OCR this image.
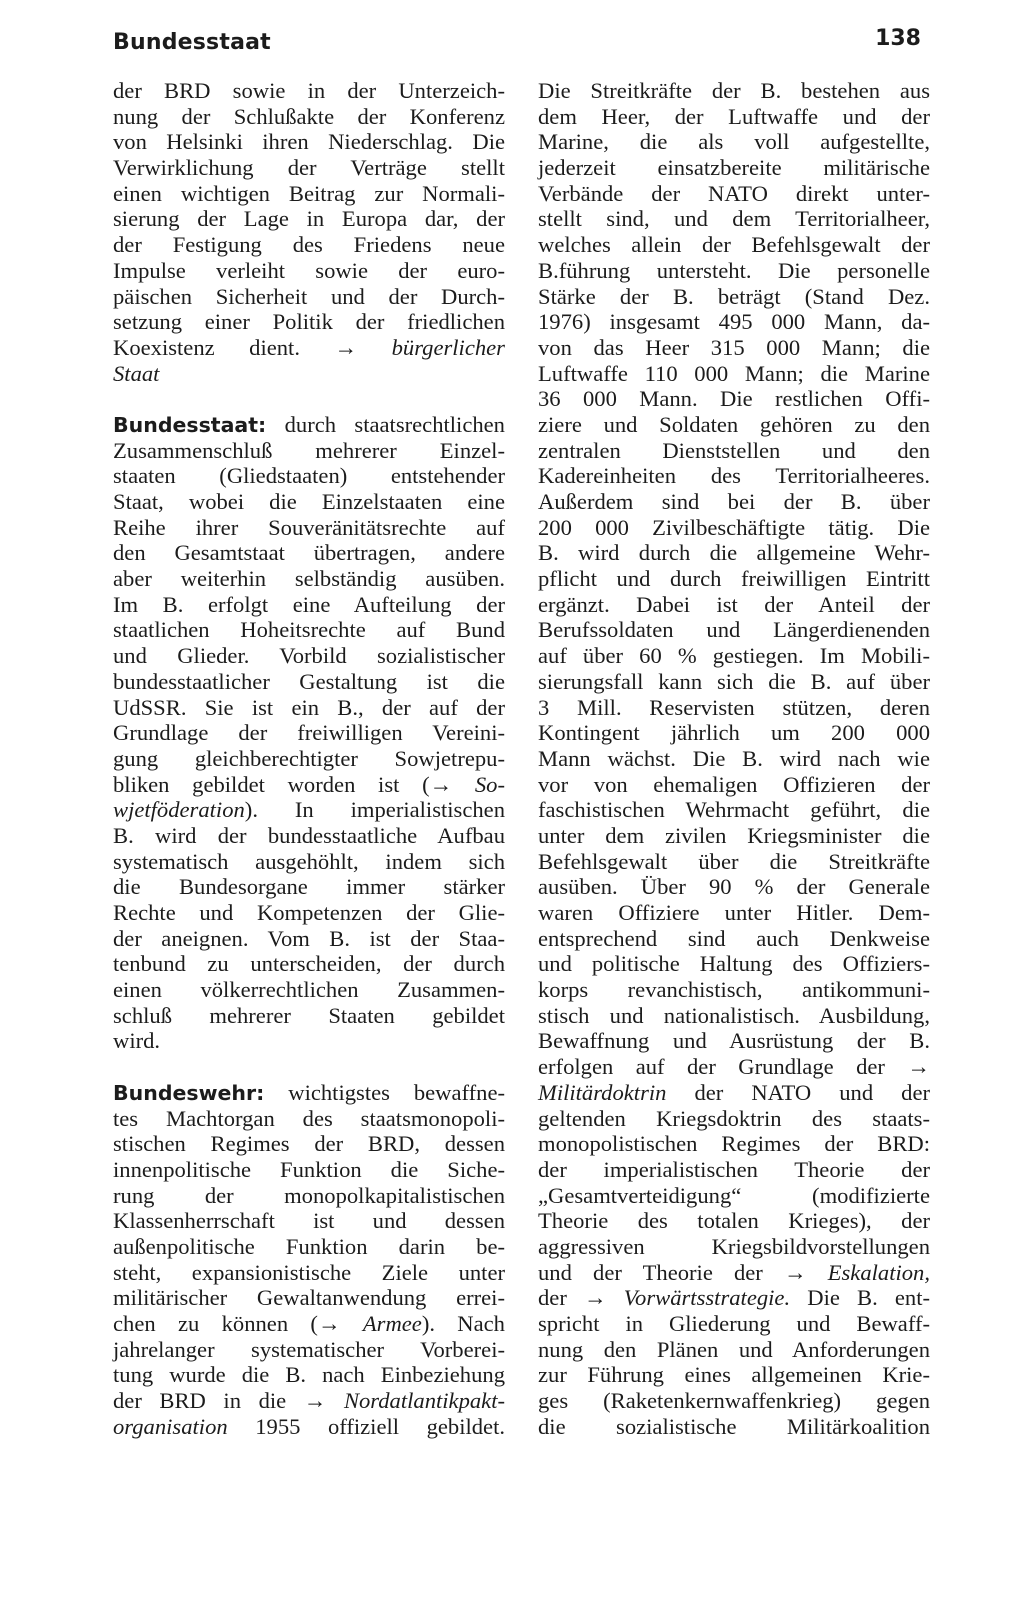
Bundesstaat	138

der BRD sowie in der Unterzeich-
nung der Schlußakte der Konferenz
von Helsinki ihren Niederschlag. Die
Verwirklichung der Verträge stellt
einen wichtigen Beitrag zur Normali-
sierung der Lage in Europa dar, der
der Festigung des Friedens neue
Impulse verleiht sowie der euro-
päischen Sicherheit und der Durch-
setzung einer Politik der friedlichen
Koexistenz dient. → bürgerlicher
Staat

Bundesstaat: durch staatsrechtlichen
Zusammenschluß mehrerer Einzel-
staaten (Gliedstaaten) entstehender
Staat, wobei die Einzelstaaten eine
Reihe ihrer Souveränitätsrechte auf
den Gesamtstaat übertragen, andere
aber weiterhin selbständig ausüben.
Im B. erfolgt eine Aufteilung der
staatlichen Hoheitsrechte auf Bund
und Glieder. Vorbild sozialistischer
bundesstaatlicher Gestaltung ist die
UdSSR. Sie ist ein B., der auf der
Grundlage der freiwilligen Vereini-
gung gleichberechtigter Sowjetrepu-
bliken gebildet worden ist (→ So-
wjetföderation). In imperialistischen
B. wird der bundesstaatliche Aufbau
systematisch ausgehöhlt, indem sich
die Bundesorgane immer stärker
Rechte und Kompetenzen der Glie-
der aneignen. Vom B. ist der Staa-
tenbund zu unterscheiden, der durch
einen völkerrechtlichen Zusammen-
schluß mehrerer Staaten gebildet
wird.

Bundeswehr: wichtigstes bewaffne-
tes Machtorgan des staatsmonopoli-
stischen Regimes der BRD, dessen
innenpolitische Funktion die Siche-
rung der monopolkapitalistischen
Klassenherrschaft ist und dessen
außenpolitische Funktion darin be-
steht, expansionistische Ziele unter
militärischer Gewaltanwendung errei-
chen zu können (→ Armee). Nach
jahrelanger systematischer Vorberei-
tung wurde die B. nach Einbeziehung
der BRD in die → Nordatlantikpakt-
organisation 1955 offiziell gebildet.

Die Streitkräfte der B. bestehen aus
dem Heer, der Luftwaffe und der
Marine, die als voll aufgestellte,
jederzeit einsatzbereite militärische
Verbände der NATO direkt unter-
stellt sind, und dem Territorialheer,
welches allein der Befehlsgewalt der
B.führung untersteht. Die personelle
Stärke der B. beträgt (Stand Dez.
1976) insgesamt 495 000 Mann, da-
von das Heer 315 000 Mann; die
Luftwaffe 110 000 Mann; die Marine
36 000 Mann. Die restlichen Offi-
ziere und Soldaten gehören zu den
zentralen Dienststellen und den
Kadereinheiten des Territorialheeres.
Außerdem sind bei der B. über
200 000 Zivilbeschäftigte tätig. Die
B. wird durch die allgemeine Wehr-
pflicht und durch freiwilligen Eintritt
ergänzt. Dabei ist der Anteil der
Berufssoldaten und Längerdienenden
auf über 60 % gestiegen. Im Mobili-
sierungsfall kann sich die B. auf über
3 Mill. Reservisten stützen, deren
Kontingent jährlich um 200 000
Mann wächst. Die B. wird nach wie
vor von ehemaligen Offizieren der
faschistischen Wehrmacht geführt, die
unter dem zivilen Kriegsminister die
Befehlsgewalt über die Streitkräfte
ausüben. Über 90 % der Generale
waren Offiziere unter Hitler. Dem-
entsprechend sind auch Denkweise
und politische Haltung des Offiziers-
korps revanchistisch, antikommuni-
stisch und nationalistisch. Ausbildung,
Bewaffnung und Ausrüstung der B.
erfolgen auf der Grundlage der →
Militärdoktrin der NATO und der
geltenden Kriegsdoktrin des staats-
monopolistischen Regimes der BRD:
der imperialistischen Theorie der
„Gesamtverteidigung“ (modifizierte
Theorie des totalen Krieges), der
aggressiven Kriegsbildvorstellungen
und der Theorie der → Eskalation,
der → Vorwärtsstrategie. Die B. ent-
spricht in Gliederung und Bewaff-
nung den Plänen und Anforderungen
zur Führung eines allgemeinen Krie-
ges (Raketenkernwaffenkrieg) gegen
die sozialistische Militärkoalition
